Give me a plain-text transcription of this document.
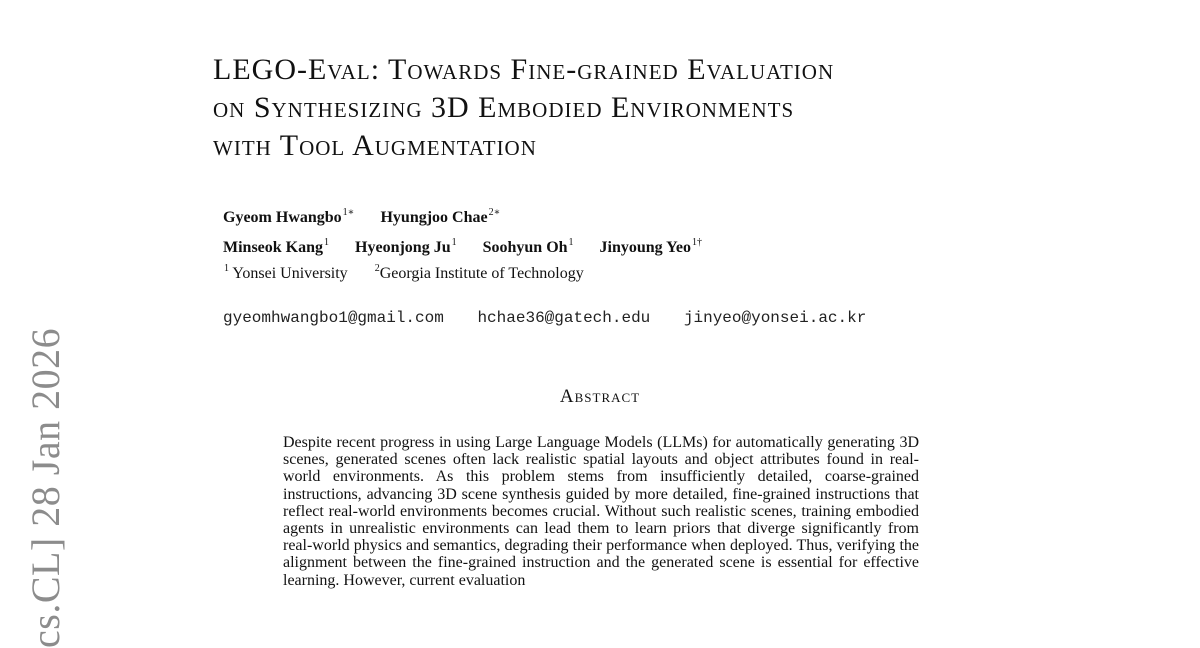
cs.CL] 28 Jan 2026
LEGO-Eval: Towards Fine-grained Evaluation
on Synthesizing 3D Embodied Environments
with Tool Augmentation
Gyeom Hwangbo$^{1∗}$ Hyungjoo Chae$^{2∗}$
Minseok Kang$^1$ Hyeonjong Ju$^1$ Soohyun Oh$^1$ Jinyoung Yeo$^{1\dagger}$
$^1$ Yonsei University	$^2$Georgia Institute of Technology
gyeomhwangbo1@gmail.com hchae36@gatech.edu jinyeo@yonsei.ac.kr
Abstract
Despite recent progress in using Large Language Models (LLMs) for automatically generating 3D scenes, generated scenes often lack realistic spatial layouts and object attributes found in real-world environments. As this problem stems from insufficiently detailed, coarse-grained instructions, advancing 3D scene synthesis guided by more detailed, fine-grained instructions that reflect real-world environments becomes crucial. Without such realistic scenes, training embodied agents in unrealistic environments can lead them to learn priors that diverge significantly from real-world physics and semantics, degrading their performance when deployed. Thus, verifying the alignment between the fine-grained instruction and the generated scene is essential for effective learning. However, current evaluation
